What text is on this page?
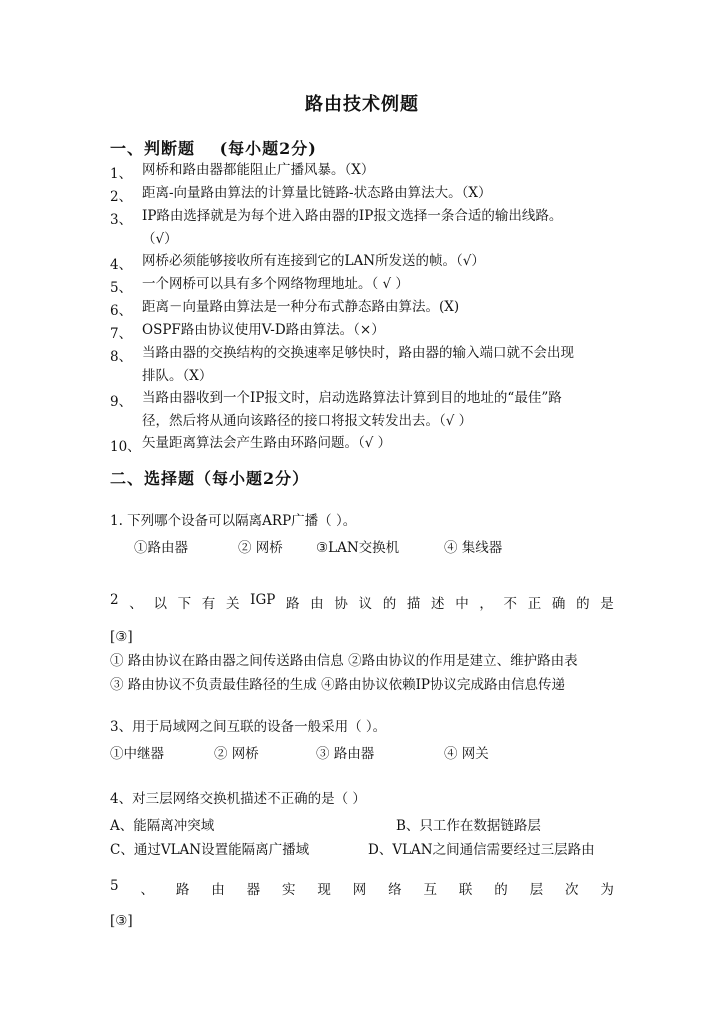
路由技术例题
一、判断题 (每小题2分)
1、 网桥和路由器都能阻止广播风暴。（X）
2、 距离-向量路由算法的计算量比链路-状态路由算法大。（X）
3、 IP路由选择就是为每个进入路由器的IP报文选择一条合适的输出线路。
（√）
4、 网桥必须能够接收所有连接到它的LAN所发送的帧。（√）
5、 一个网桥可以具有多个网络物理地址。（ √ ）
6、 距离－向量路由算法是一种分布式静态路由算法。(X)
7、 OSPF路由协议使用V-D路由算法。（×）
8、 当路由器的交换结构的交换速率足够快时，路由器的输入端口就不会出现
排队。（X）
9、 当路由器收到一个IP报文时，启动选路算法计算到目的地址的“最佳”路
径，然后将从通向该路径的接口将报文转发出去。（√ ）
10、 矢量距离算法会产生路由环路问题。（√ ）
二、选择题（每小题2分）
1. 下列哪个设备可以隔离ARP广播（ ）。
①路由器	② 网桥 ③LAN交换机	④ 集线器
2 、 以 下 有 关 IGP 路 由 协 议 的 描 述 中 ， 不 正 确 的 是
[③]
① 路由协议在路由器之间传送路由信息 ②路由协议的作用是建立、维护路由表
③ 路由协议不负责最佳路径的生成 ④路由协议依赖IP协议完成路由信息传递
3、用于局域网之间互联的设备一般采用（ ）。
①中继器	② 网桥	③ 路由器	④ 网关
4、对三层网络交换机描述不正确的是（ ）
A、能隔离冲突域	B、只工作在数据链路层
C、通过VLAN设置能隔离广播域	D、VLAN之间通信需要经过三层路由
5 、 路 由 器 实 现 网 络 互 联 的 层 次 为
[③]
